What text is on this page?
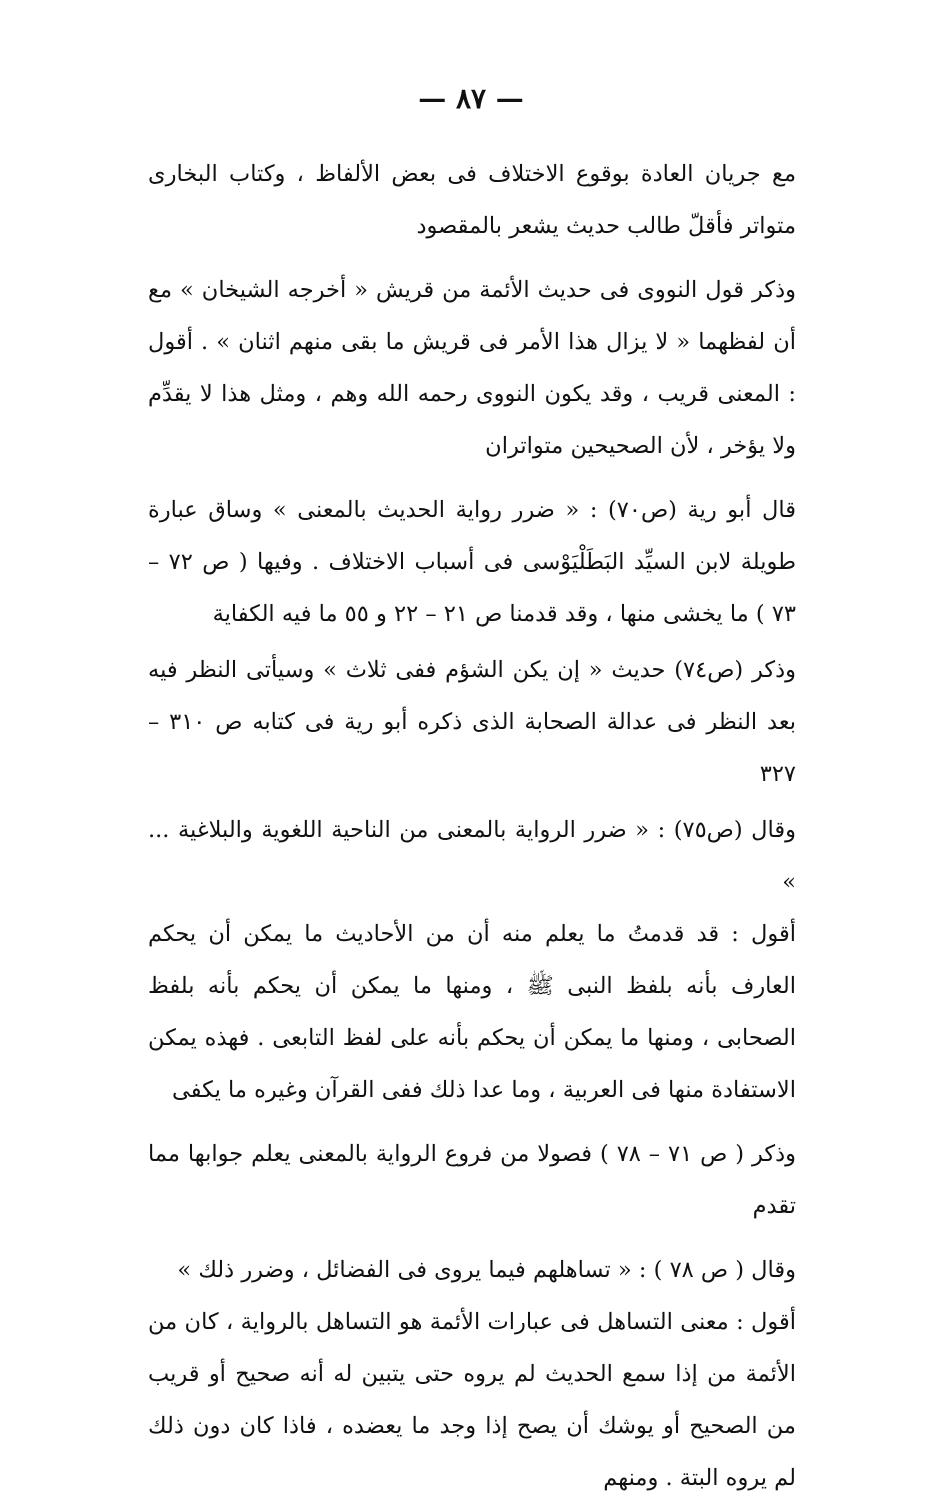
— ٨٧ —

مع جريان العادة بوقوع الاختلاف فى بعض الألفاظ ، وكتاب البخارى متواتر فأقلّ طالب حديث يشعر بالمقصود

وذكر قول النووى فى حديث الأئمة من قريش « أخرجه الشيخان » مع أن لفظهما « لا يزال هذا الأمر فى قريش ما بقى منهم اثنان » . أقول : المعنى قريب ، وقد يكون النووى رحمه الله وهم ، ومثل هذا لا يقدِّم ولا يؤخر ، لأن الصحيحين متواتران

قال أبو رية (ص٧٠) : « ضرر رواية الحديث بالمعنى » وساق عبارة طويلة لابن السيِّد البَطَلْيَوْسى فى أسباب الاختلاف . وفيها ( ص ٧٢ – ٧٣ ) ما يخشى منها ، وقد قدمنا ص ٢١ – ٢٢ و ٥٥ ما فيه الكفاية

وذكر (ص٧٤) حديث « إن يكن الشؤم ففى ثلاث » وسيأتى النظر فيه بعد النظر فى عدالة الصحابة الذى ذكره أبو رية فى كتابه ص ٣١٠ – ٣٢٧

وقال (ص٧٥) : « ضرر الرواية بالمعنى من الناحية اللغوية والبلاغية ... »

أقول : قد قدمتُ ما يعلم منه أن من الأحاديث ما يمكن أن يحكم العارف بأنه بلفظ النبى ﷺ ، ومنها ما يمكن أن يحكم بأنه بلفظ الصحابى ، ومنها ما يمكن أن يحكم بأنه على لفظ التابعى . فهذه يمكن الاستفادة منها فى العربية ، وما عدا ذلك ففى القرآن وغيره ما يكفى

وذكر ( ص ٧١ – ٧٨ ) فصولا من فروع الرواية بالمعنى يعلم جوابها مما تقدم

وقال ( ص ٧٨ ) : « تساهلهم فيما يروى فى الفضائل ، وضرر ذلك »

أقول : معنى التساهل فى عبارات الأئمة هو التساهل بالرواية ، كان من الأئمة من إذا سمع الحديث لم يروه حتى يتبين له أنه صحيح أو قريب من الصحيح أو يوشك أن يصح إذا وجد ما يعضده ، فاذا كان دون ذلك لم يروه البتة . ومنهم
